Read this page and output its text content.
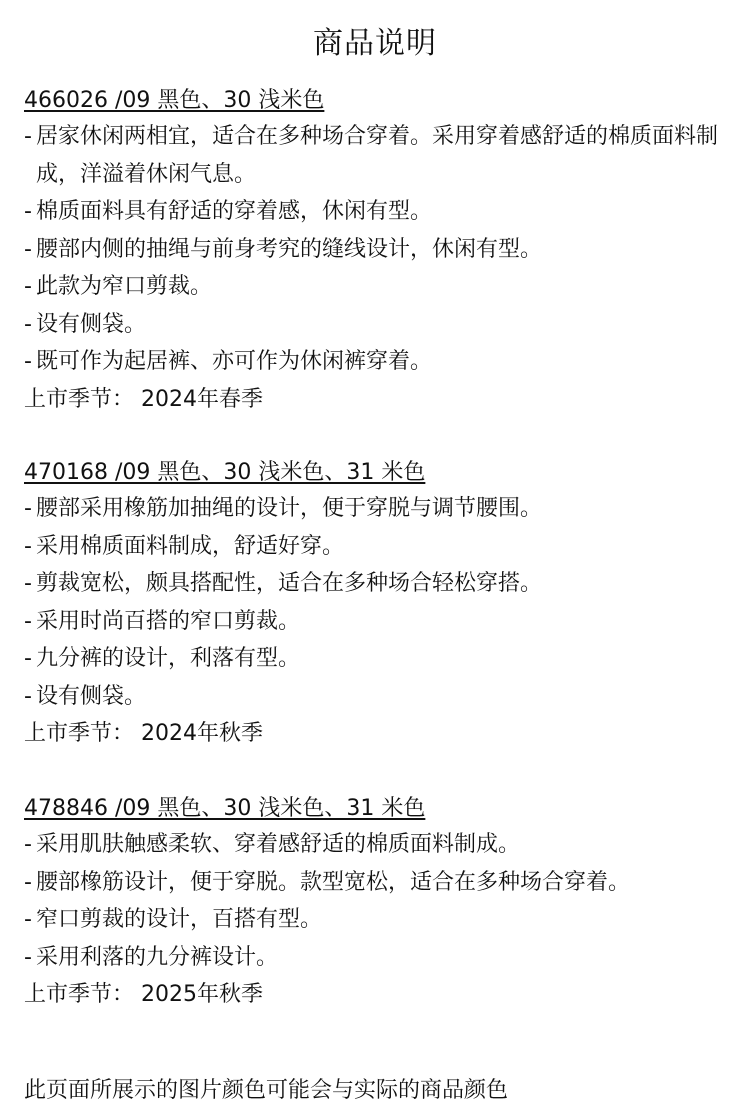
商品说明
466026 /09 黑色、30 浅米色
- 居家休闲两相宜，适合在多种场合穿着。采用穿着感舒适的棉质面料制成，洋溢着休闲气息。
- 棉质面料具有舒适的穿着感，休闲有型。
- 腰部内侧的抽绳与前身考究的缝线设计，休闲有型。
- 此款为窄口剪裁。
- 设有侧袋。
- 既可作为起居裤、亦可作为休闲裤穿着。
上市季节： 2024年春季
470168 /09 黑色、30 浅米色、31 米色
- 腰部采用橡筋加抽绳的设计，便于穿脱与调节腰围。
- 采用棉质面料制成，舒适好穿。
- 剪裁宽松，颇具搭配性，适合在多种场合轻松穿搭。
- 采用时尚百搭的窄口剪裁。
- 九分裤的设计，利落有型。
- 设有侧袋。
上市季节： 2024年秋季
478846 /09 黑色、30 浅米色、31 米色
- 采用肌肤触感柔软、穿着感舒适的棉质面料制成。
- 腰部橡筋设计，便于穿脱。款型宽松，适合在多种场合穿着。
- 窄口剪裁的设计，百搭有型。
- 采用利落的九分裤设计。
上市季节： 2025年秋季
此页面所展示的图片颜色可能会与实际的商品颜色
